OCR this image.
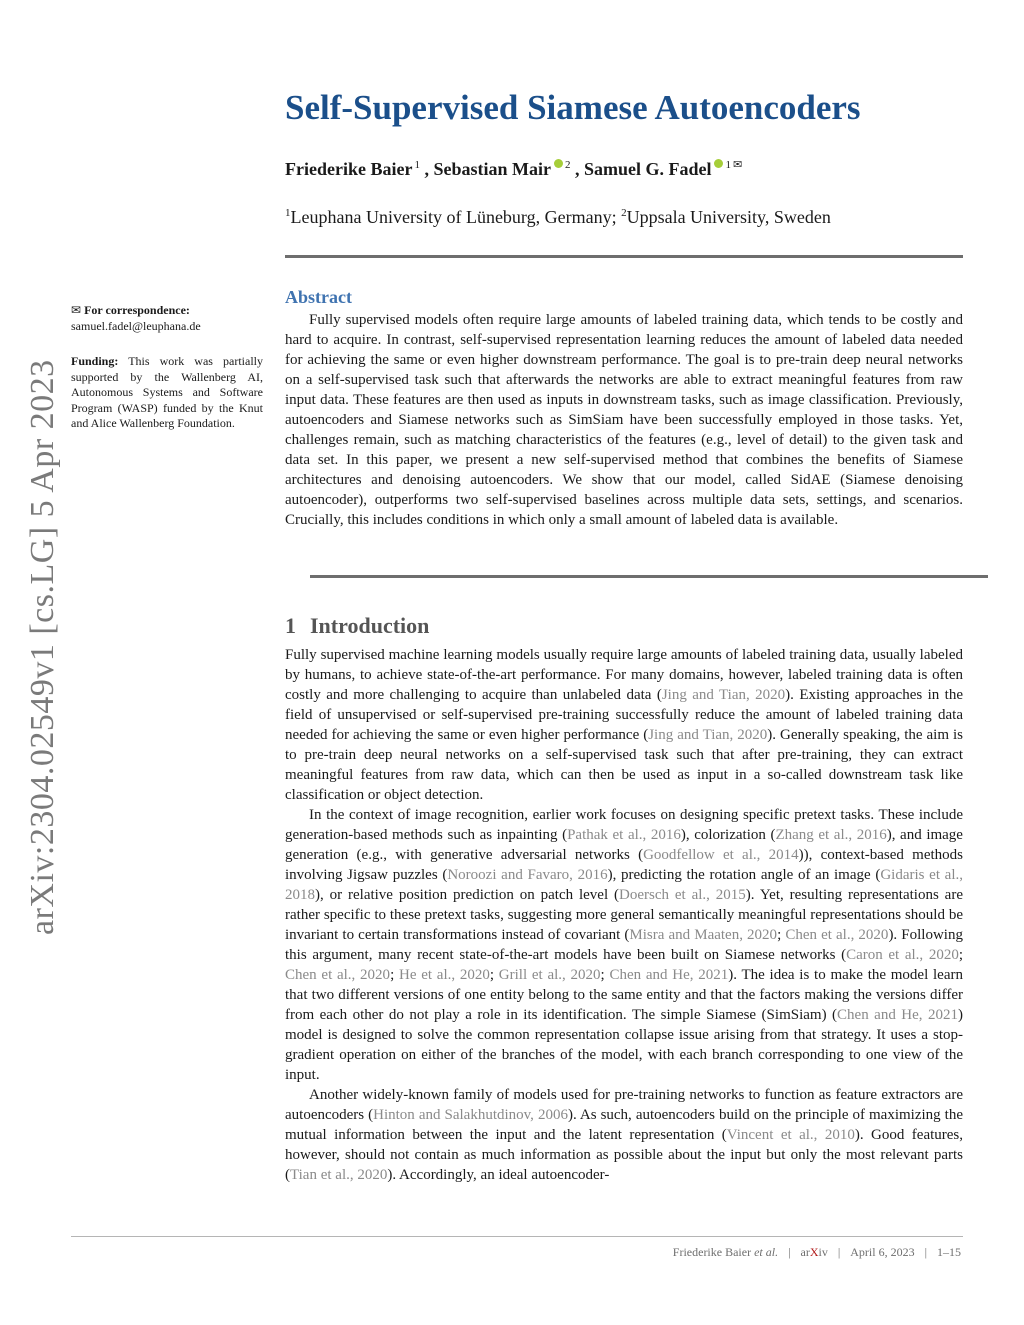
arXiv:2304.02549v1 [cs.LG] 5 Apr 2023
Self-Supervised Siamese Autoencoders
Friederike Baier $^1$ , Sebastian Mair $^2$ , Samuel G. Fadel $^1$ ✉
$^1$Leuphana University of Lüneburg, Germany; $^2$Uppsala University, Sweden
✉ For correspondence:
samuel.fadel@leuphana.de
Funding: This work was partially supported by the Wallenberg AI, Autonomous Systems and Software Program (WASP) funded by the Knut and Alice Wallenberg Foundation.
Abstract

Fully supervised models often require large amounts of labeled training data, which tends to be costly and hard to acquire. In contrast, self-supervised representation learning reduces the amount of labeled data needed for achieving the same or even higher downstream performance. The goal is to pre-train deep neural networks on a self-supervised task such that afterwards the networks are able to extract meaningful features from raw input data. These features are then used as inputs in downstream tasks, such as image classification. Previously, autoencoders and Siamese networks such as SimSiam have been successfully employed in those tasks. Yet, challenges remain, such as matching characteristics of the features (e.g., level of detail) to the given task and data set. In this paper, we present a new self-supervised method that combines the benefits of Siamese architectures and denoising autoencoders. We show that our model, called SidAE (Siamese denoising autoencoder), outperforms two self-supervised baselines across multiple data sets, settings, and scenarios. Crucially, this includes conditions in which only a small amount of labeled data is available.

1 Introduction

Fully supervised machine learning models usually require large amounts of labeled training data, usually labeled by humans, to achieve state-of-the-art performance. For many domains, however, labeled training data is often costly and more challenging to acquire than unlabeled data (Jing and Tian, 2020). Existing approaches in the field of unsupervised or self-supervised pre-training successfully reduce the amount of labeled training data needed for achieving the same or even higher performance (Jing and Tian, 2020). Generally speaking, the aim is to pre-train deep neural networks on a self-supervised task such that after pre-training, they can extract meaningful features from raw data, which can then be used as input in a so-called downstream task like classification or object detection.

In the context of image recognition, earlier work focuses on designing specific pretext tasks. These include generation-based methods such as inpainting (Pathak et al., 2016), colorization (Zhang et al., 2016), and image generation (e.g., with generative adversarial networks (Goodfellow et al., 2014)), context-based methods involving Jigsaw puzzles (Noroozi and Favaro, 2016), predicting the rotation angle of an image (Gidaris et al., 2018), or relative position prediction on patch level (Doersch et al., 2015). Yet, resulting representations are rather specific to these pretext tasks, suggesting more general semantically meaningful representations should be invariant to certain transformations instead of covariant (Misra and Maaten, 2020; Chen et al., 2020). Following this argument, many recent state-of-the-art models have been built on Siamese networks (Caron et al., 2020; Chen et al., 2020; He et al., 2020; Grill et al., 2020; Chen and He, 2021). The idea is to make the model learn that two different versions of one entity belong to the same entity and that the factors making the versions differ from each other do not play a role in its identification. The simple Siamese (SimSiam) (Chen and He, 2021) model is designed to solve the common representation collapse issue arising from that strategy. It uses a stop-gradient operation on either of the branches of the model, with each branch corresponding to one view of the input.

Another widely-known family of models used for pre-training networks to function as feature extractors are autoencoders (Hinton and Salakhutdinov, 2006). As such, autoencoders build on the principle of maximizing the mutual information between the input and the latent representation (Vincent et al., 2010). Good features, however, should not contain as much information as possible about the input but only the most relevant parts (Tian et al., 2020). Accordingly, an ideal autoencoder-

Friederike Baier et al. | arXiv | April 6, 2023 | 1–15
